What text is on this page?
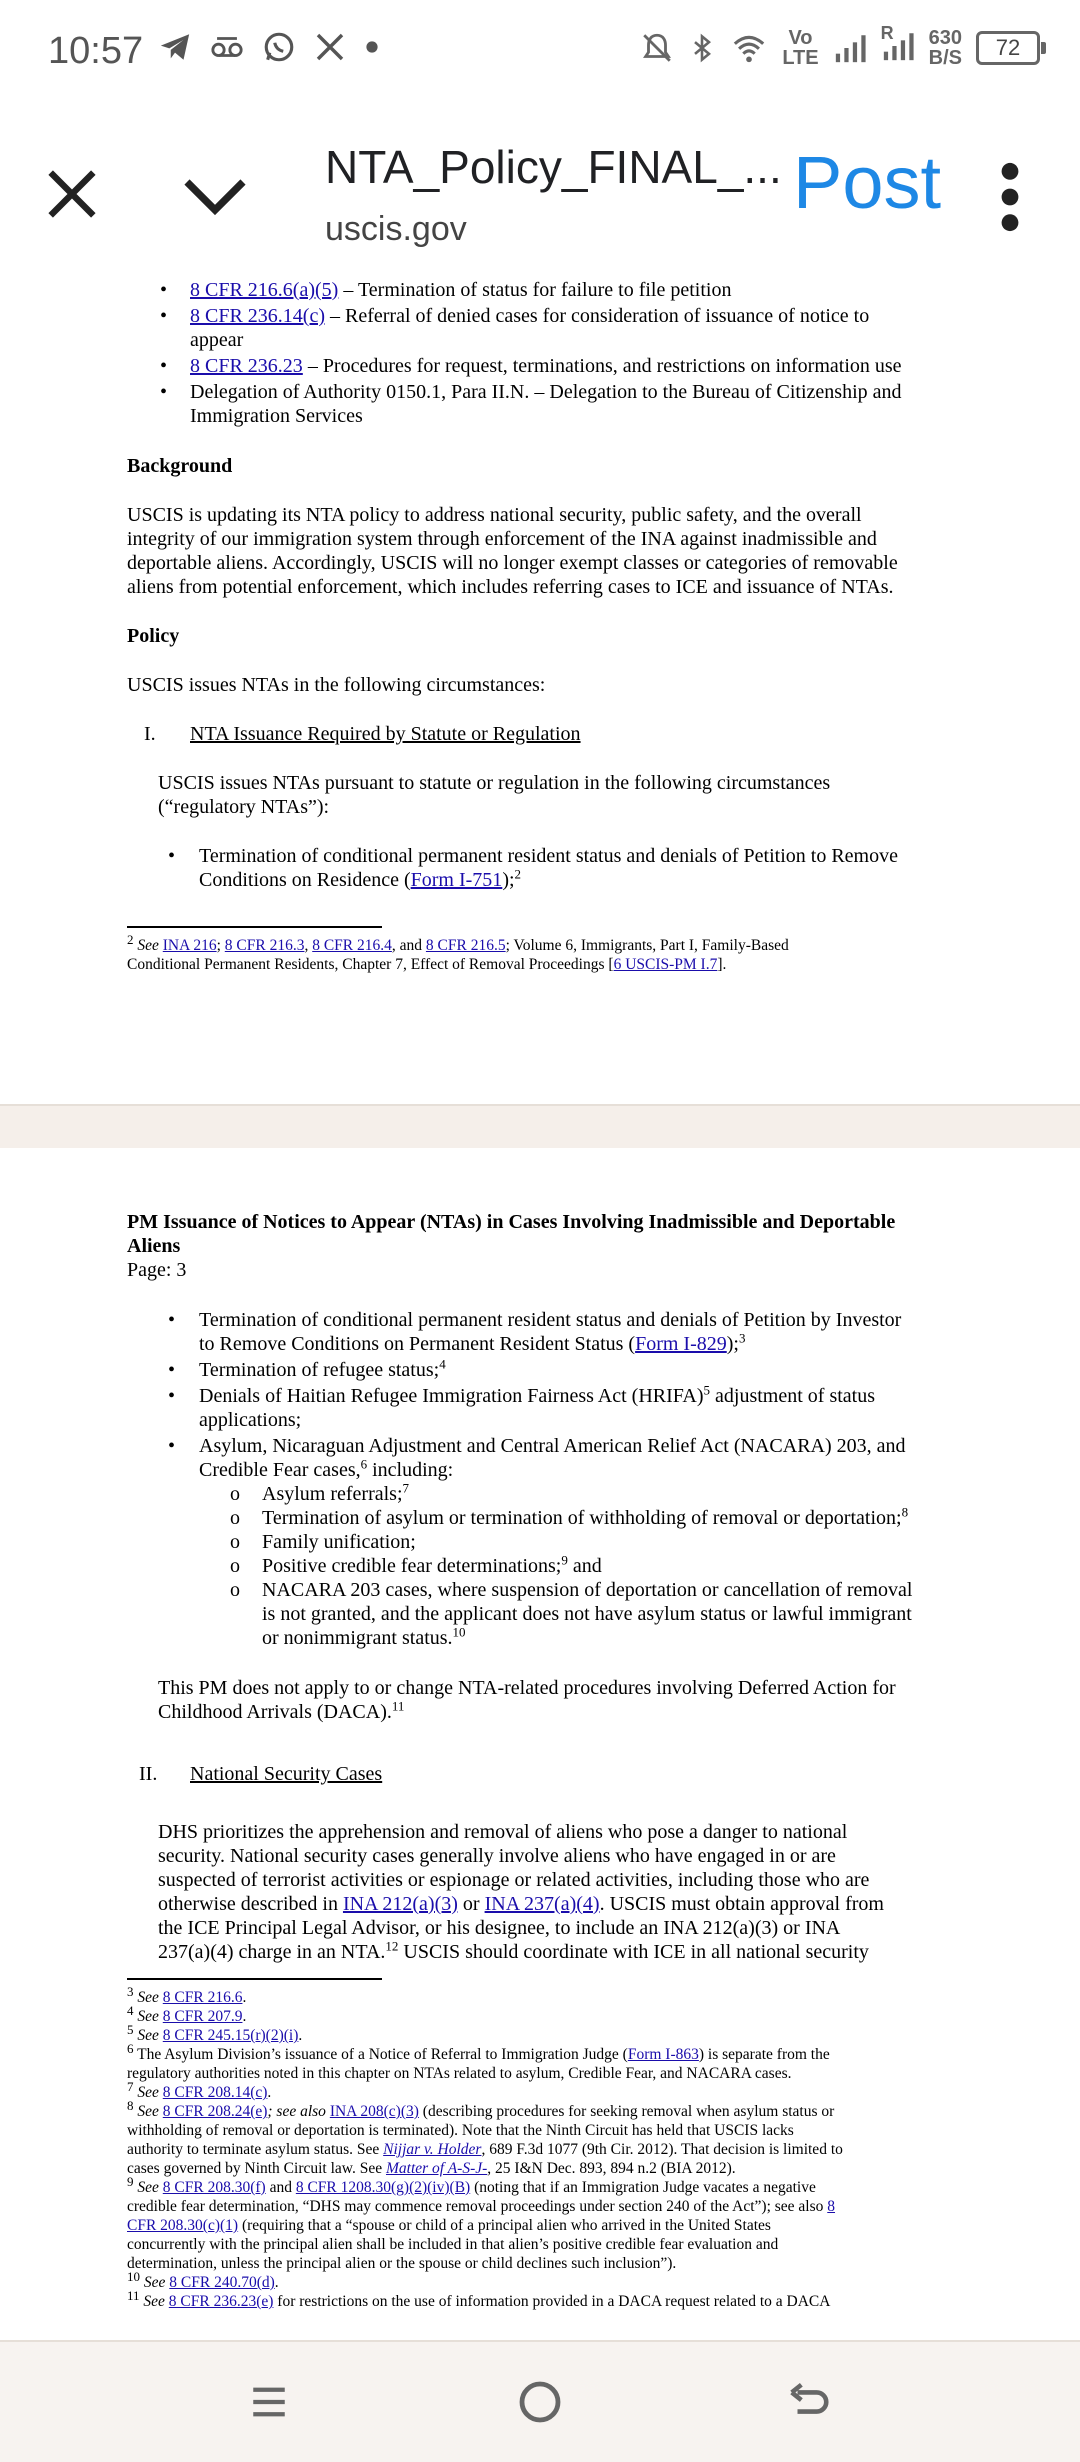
10:57	Vo
LTE
R 630
B/S	72
NTA_Policy_FINAL_...
uscis.gov
Post
• 8 CFR 216.6(a)(5) – Termination of status for failure to file petition
• 8 CFR 236.14(c) – Referral of denied cases for consideration of issuance of notice to
appear
• 8 CFR 236.23 – Procedures for request, terminations, and restrictions on information use
• Delegation of Authority 0150.1, Para II.N. – Delegation to the Bureau of Citizenship and
Immigration Services
Background
USCIS is updating its NTA policy to address national security, public safety, and the overall
integrity of our immigration system through enforcement of the INA against inadmissible and
deportable aliens. Accordingly, USCIS will no longer exempt classes or categories of removable
aliens from potential enforcement, which includes referring cases to ICE and issuance of NTAs.
Policy
USCIS issues NTAs in the following circumstances:
I. NTA Issuance Required by Statute or Regulation
USCIS issues NTAs pursuant to statute or regulation in the following circumstances
(“regulatory NTAs”):
• Termination of conditional permanent resident status and denials of Petition to Remove
Conditions on Residence (Form I-751);$^2$
$^2$ See INA 216; 8 CFR 216.3, 8 CFR 216.4, and 8 CFR 216.5; Volume 6, Immigrants, Part I, Family-Based
Conditional Permanent Residents, Chapter 7, Effect of Removal Proceedings [6 USCIS-PM I.7].
PM Issuance of Notices to Appear (NTAs) in Cases Involving Inadmissible and Deportable
Aliens
Page: 3
• Termination of conditional permanent resident status and denials of Petition by Investor
to Remove Conditions on Permanent Resident Status (Form I-829);$^3$
• Termination of refugee status;$^4$
• Denials of Haitian Refugee Immigration Fairness Act (HRIFA)$^5$ adjustment of status
applications;
• Asylum, Nicaraguan Adjustment and Central American Relief Act (NACARA) 203, and
Credible Fear cases,$^6$ including:
o Asylum referrals;$^7$
o Termination of asylum or termination of withholding of removal or deportation;$^8$
o Family unification;
o Positive credible fear determinations;$^9$ and
o NACARA 203 cases, where suspension of deportation or cancellation of removal
is not granted, and the applicant does not have asylum status or lawful immigrant
or nonimmigrant status.$^{10}$
This PM does not apply to or change NTA-related procedures involving Deferred Action for
Childhood Arrivals (DACA).$^{11}$
II. National Security Cases
DHS prioritizes the apprehension and removal of aliens who pose a danger to national
security. National security cases generally involve aliens who have engaged in or are
suspected of terrorist activities or espionage or related activities, including those who are
otherwise described in INA 212(a)(3) or INA 237(a)(4). USCIS must obtain approval from
the ICE Principal Legal Advisor, or his designee, to include an INA 212(a)(3) or INA
237(a)(4) charge in an NTA.$^{12}$ USCIS should coordinate with ICE in all national security
$^3$ See 8 CFR 216.6.
$^4$ See 8 CFR 207.9.
$^5$ See 8 CFR 245.15(r)(2)(i).
$^6$ The Asylum Division’s issuance of a Notice of Referral to Immigration Judge (Form I-863) is separate from the
regulatory authorities noted in this chapter on NTAs related to asylum, Credible Fear, and NACARA cases.
$^7$ See 8 CFR 208.14(c).
$^8$ See 8 CFR 208.24(e); see also INA 208(c)(3) (describing procedures for seeking removal when asylum status or
withholding of removal or deportation is terminated). Note that the Ninth Circuit has held that USCIS lacks
authority to terminate asylum status. See Nijjar v. Holder, 689 F.3d 1077 (9th Cir. 2012). That decision is limited to
cases governed by Ninth Circuit law. See Matter of A-S-J-, 25 I&N Dec. 893, 894 n.2 (BIA 2012).
$^9$ See 8 CFR 208.30(f) and 8 CFR 1208.30(g)(2)(iv)(B) (noting that if an Immigration Judge vacates a negative
credible fear determination, “DHS may commence removal proceedings under section 240 of the Act”); see also 8
CFR 208.30(c)(1) (requiring that a “spouse or child of a principal alien who arrived in the United States
concurrently with the principal alien shall be included in that alien’s positive credible fear evaluation and
determination, unless the principal alien or the spouse or child declines such inclusion”).
$^{10}$ See 8 CFR 240.70(d).
$^{11}$ See 8 CFR 236.23(e) for restrictions on the use of information provided in a DACA request related to a DACA
